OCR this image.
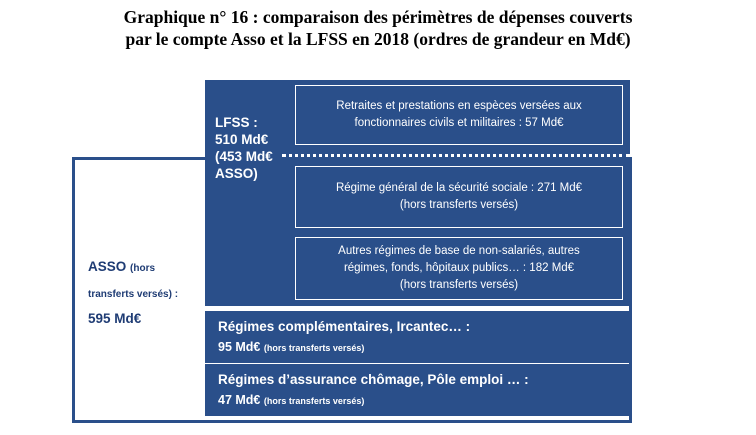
Graphique n° 16 : comparaison des périmètres de dépenses couverts
par le compte Asso et la LFSS en 2018 (ordres de grandeur en Md€)
ASSO (hors transferts versés) :
595 Md€
LFSS :
510 Md€
(453 Md€
ASSO)
Retraites et prestations en espèces versées aux
fonctionnaires civils et militaires : 57 Md€
Régime général de la sécurité sociale : 271 Md€
(hors transferts versés)
Autres régimes de base de non-salariés, autres
régimes, fonds, hôpitaux publics… : 182 Md€
(hors transferts versés)
Régimes complémentaires, Ircantec… :
95 Md€ (hors transferts versés)
Régimes d’assurance chômage, Pôle emploi … :
47 Md€ (hors transferts versés)
